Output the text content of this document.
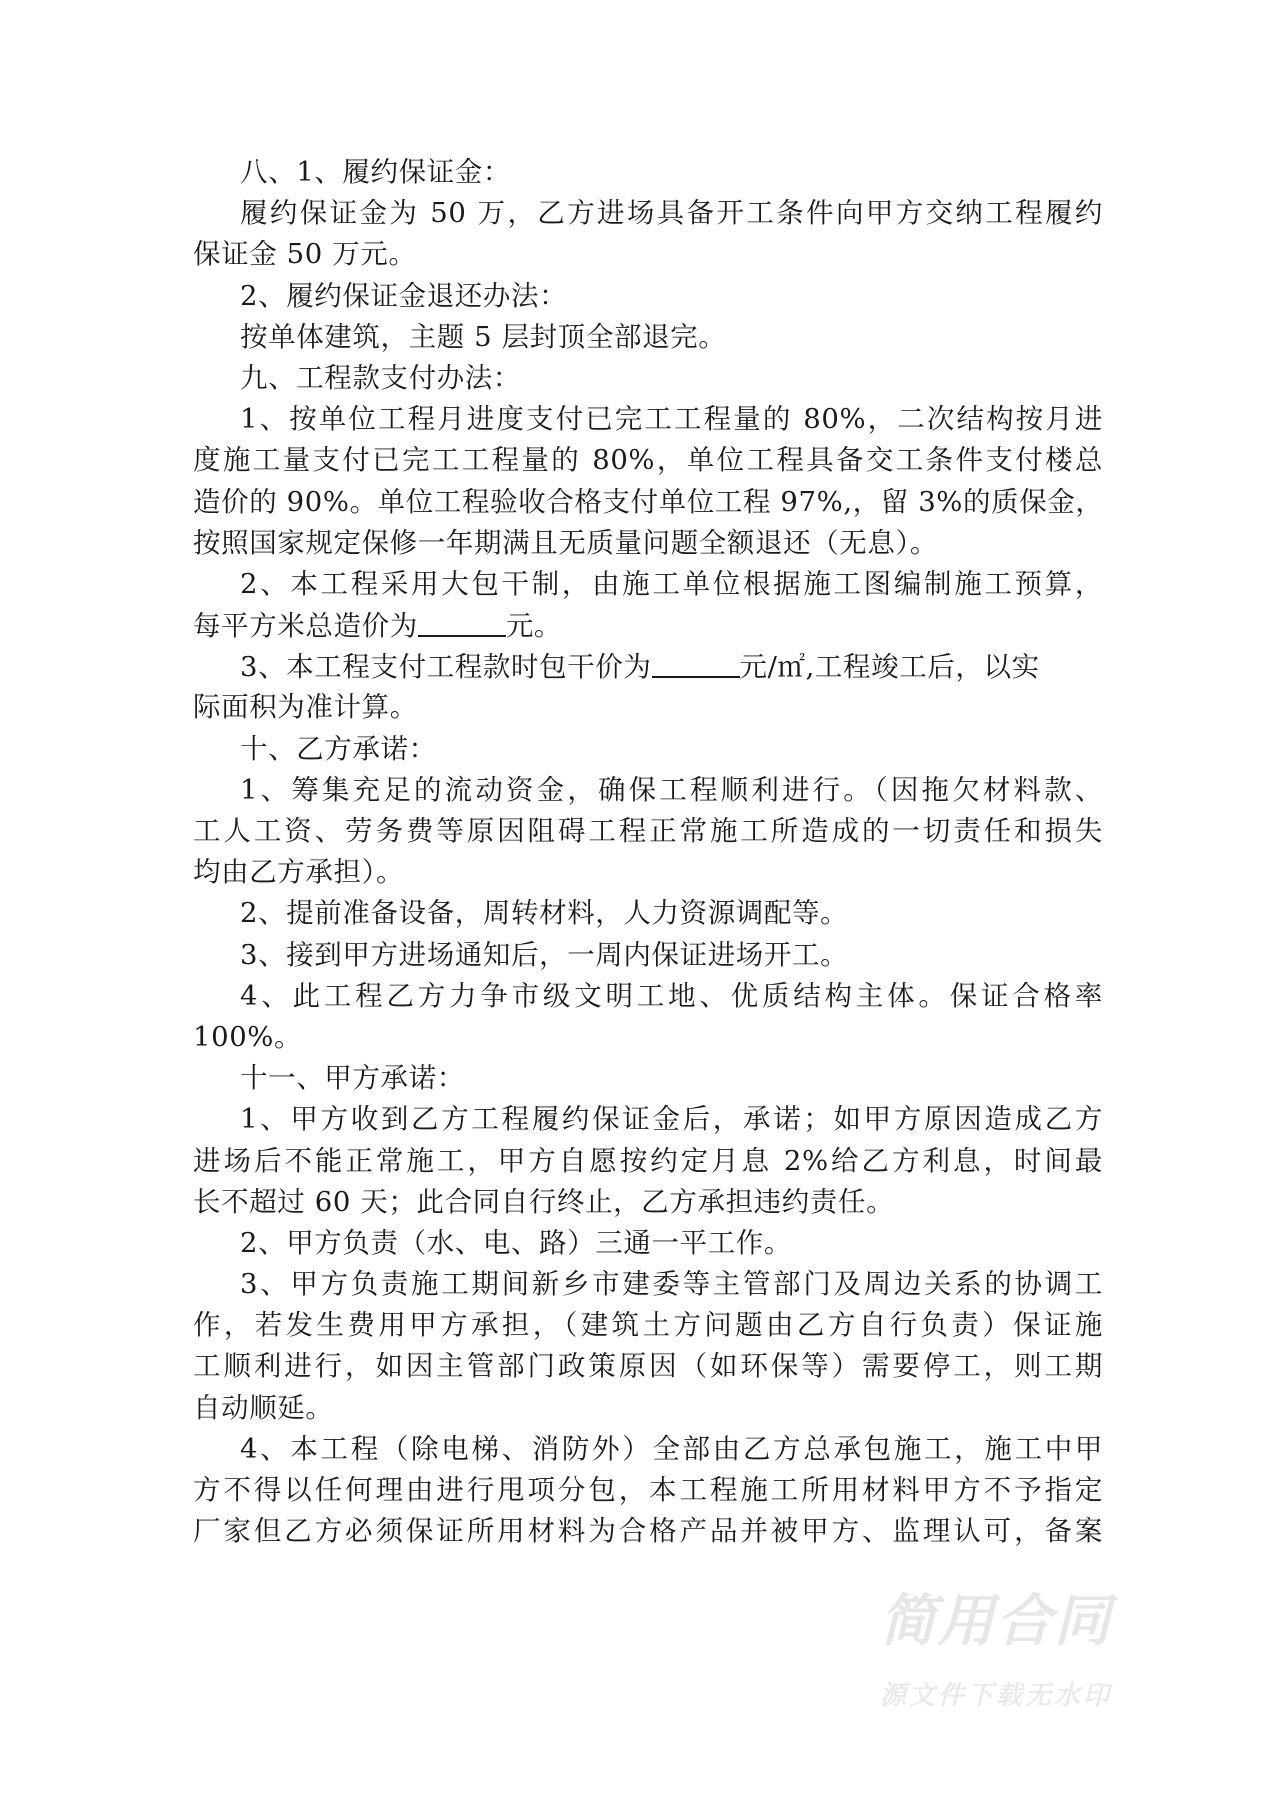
八、1、履约保证金：
履约保证金为 50 万，乙方进场具备开工条件向甲方交纳工程履约
保证金 50 万元。
2、履约保证金退还办法：
按单体建筑，主题 5 层封顶全部退完。
九、工程款支付办法：
1、按单位工程月进度支付已完工工程量的 80%，二次结构按月进
度施工量支付已完工工程量的 80%，单位工程具备交工条件支付楼总
造价的 90%。单位工程验收合格支付单位工程 97%,，留 3%的质保金，
按照国家规定保修一年期满且无质量问题全额退还（无息）。
2、本工程采用大包干制，由施工单位根据施工图编制施工预算，
每平方米总造价为	元。
3、本工程支付工程款时包干价为	元/㎡,工程竣工后，以实
际面积为准计算。
十、乙方承诺：
1、筹集充足的流动资金，确保工程顺利进行。（因拖欠材料款、
工人工资、劳务费等原因阻碍工程正常施工所造成的一切责任和损失
均由乙方承担）。
2、提前准备设备，周转材料，人力资源调配等。
3、接到甲方进场通知后，一周内保证进场开工。
4、此工程乙方力争市级文明工地、优质结构主体。保证合格率
100%。
十一、甲方承诺：
1、甲方收到乙方工程履约保证金后，承诺；如甲方原因造成乙方
进场后不能正常施工，甲方自愿按约定月息 2%给乙方利息，时间最
长不超过 60 天；此合同自行终止，乙方承担违约责任。
2、甲方负责（水、电、路）三通一平工作。
3、甲方负责施工期间新乡市建委等主管部门及周边关系的协调工
作，若发生费用甲方承担，（建筑土方问题由乙方自行负责）保证施
工顺利进行，如因主管部门政策原因（如环保等）需要停工，则工期
自动顺延。
4、本工程（除电梯、消防外）全部由乙方总承包施工，施工中甲
方不得以任何理由进行甩项分包，本工程施工所用材料甲方不予指定
厂家但乙方必须保证所用材料为合格产品并被甲方、监理认可，备案
简用合同
源文件下载无水印
